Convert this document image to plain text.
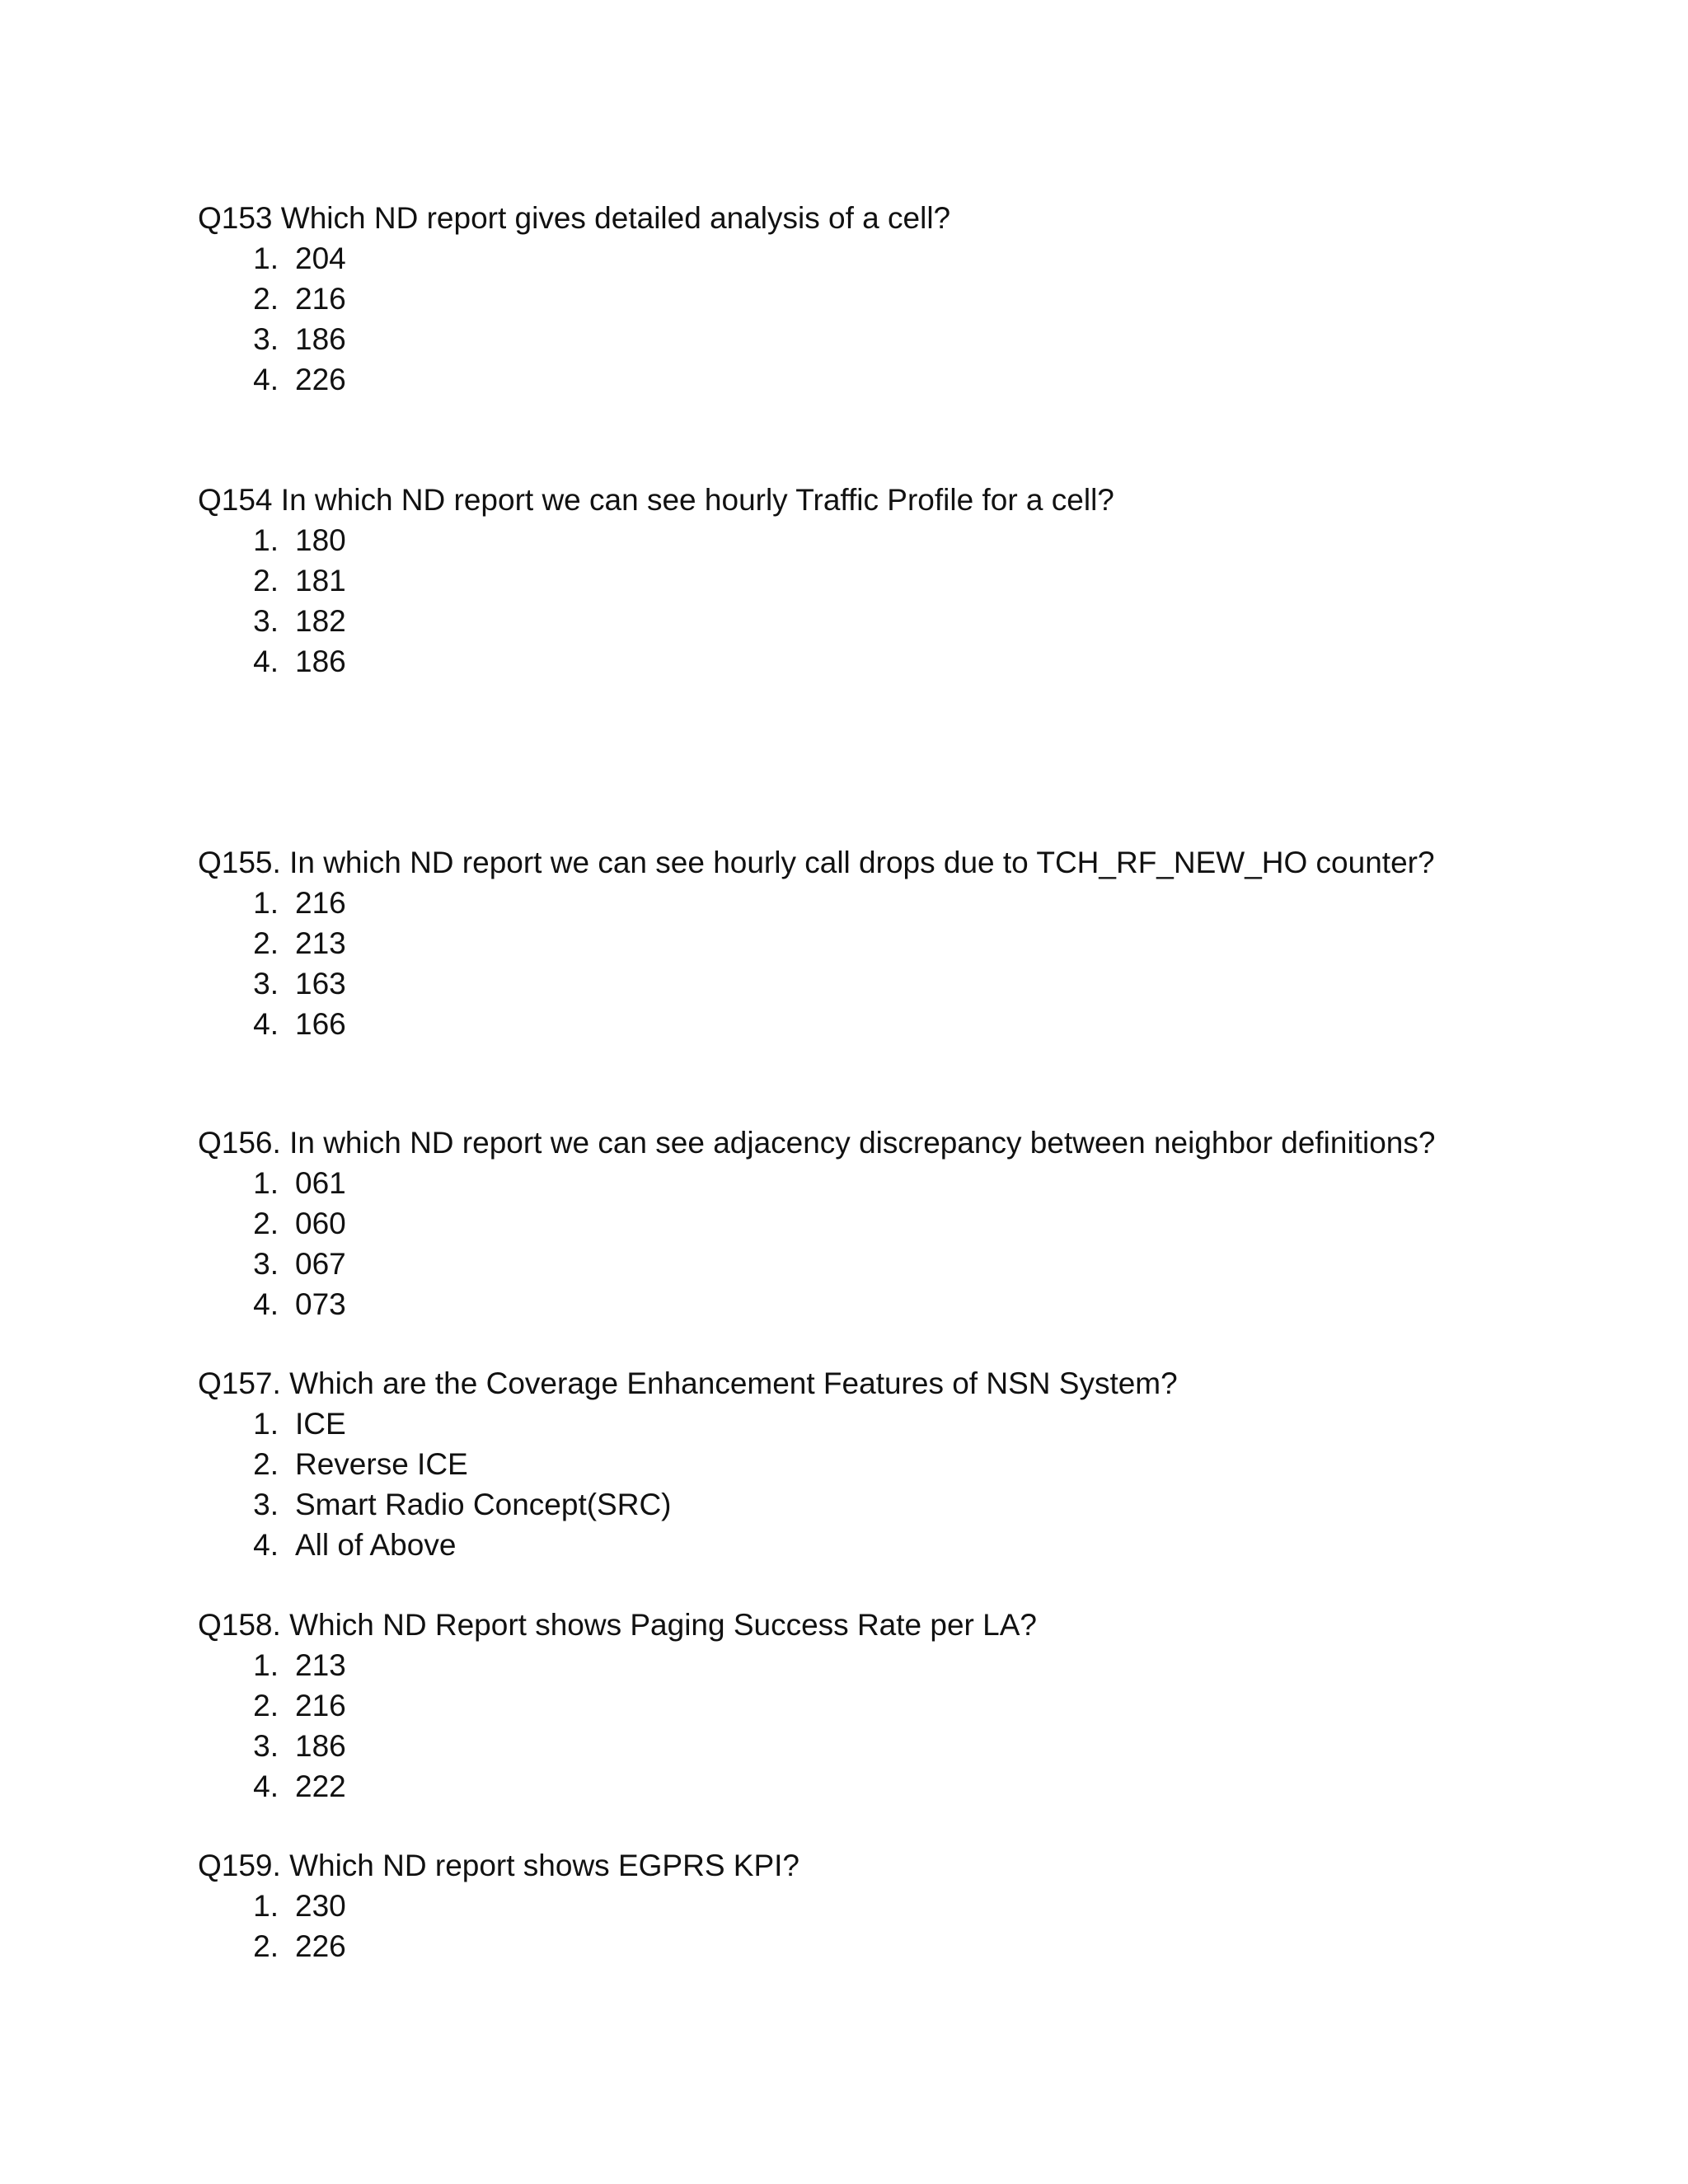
Q153 Which ND report gives detailed analysis of a cell?
1. 204
2. 216
3. 186
4. 226
Q154 In which ND report we can see hourly Traffic Profile for a cell?
1. 180
2. 181
3. 182
4. 186
Q155. In which ND report we can see hourly call drops due to TCH_RF_NEW_HO counter?
1. 216
2. 213
3. 163
4. 166
Q156. In which ND report we can see adjacency discrepancy between neighbor definitions?
1. 061
2. 060
3. 067
4. 073
Q157. Which are the Coverage Enhancement Features of NSN System?
1. ICE
2. Reverse ICE
3. Smart Radio Concept(SRC)
4. All of Above
Q158. Which ND Report shows Paging Success Rate per LA?
1. 213
2. 216
3. 186
4. 222
Q159. Which ND report shows EGPRS KPI?
1. 230
2. 226
